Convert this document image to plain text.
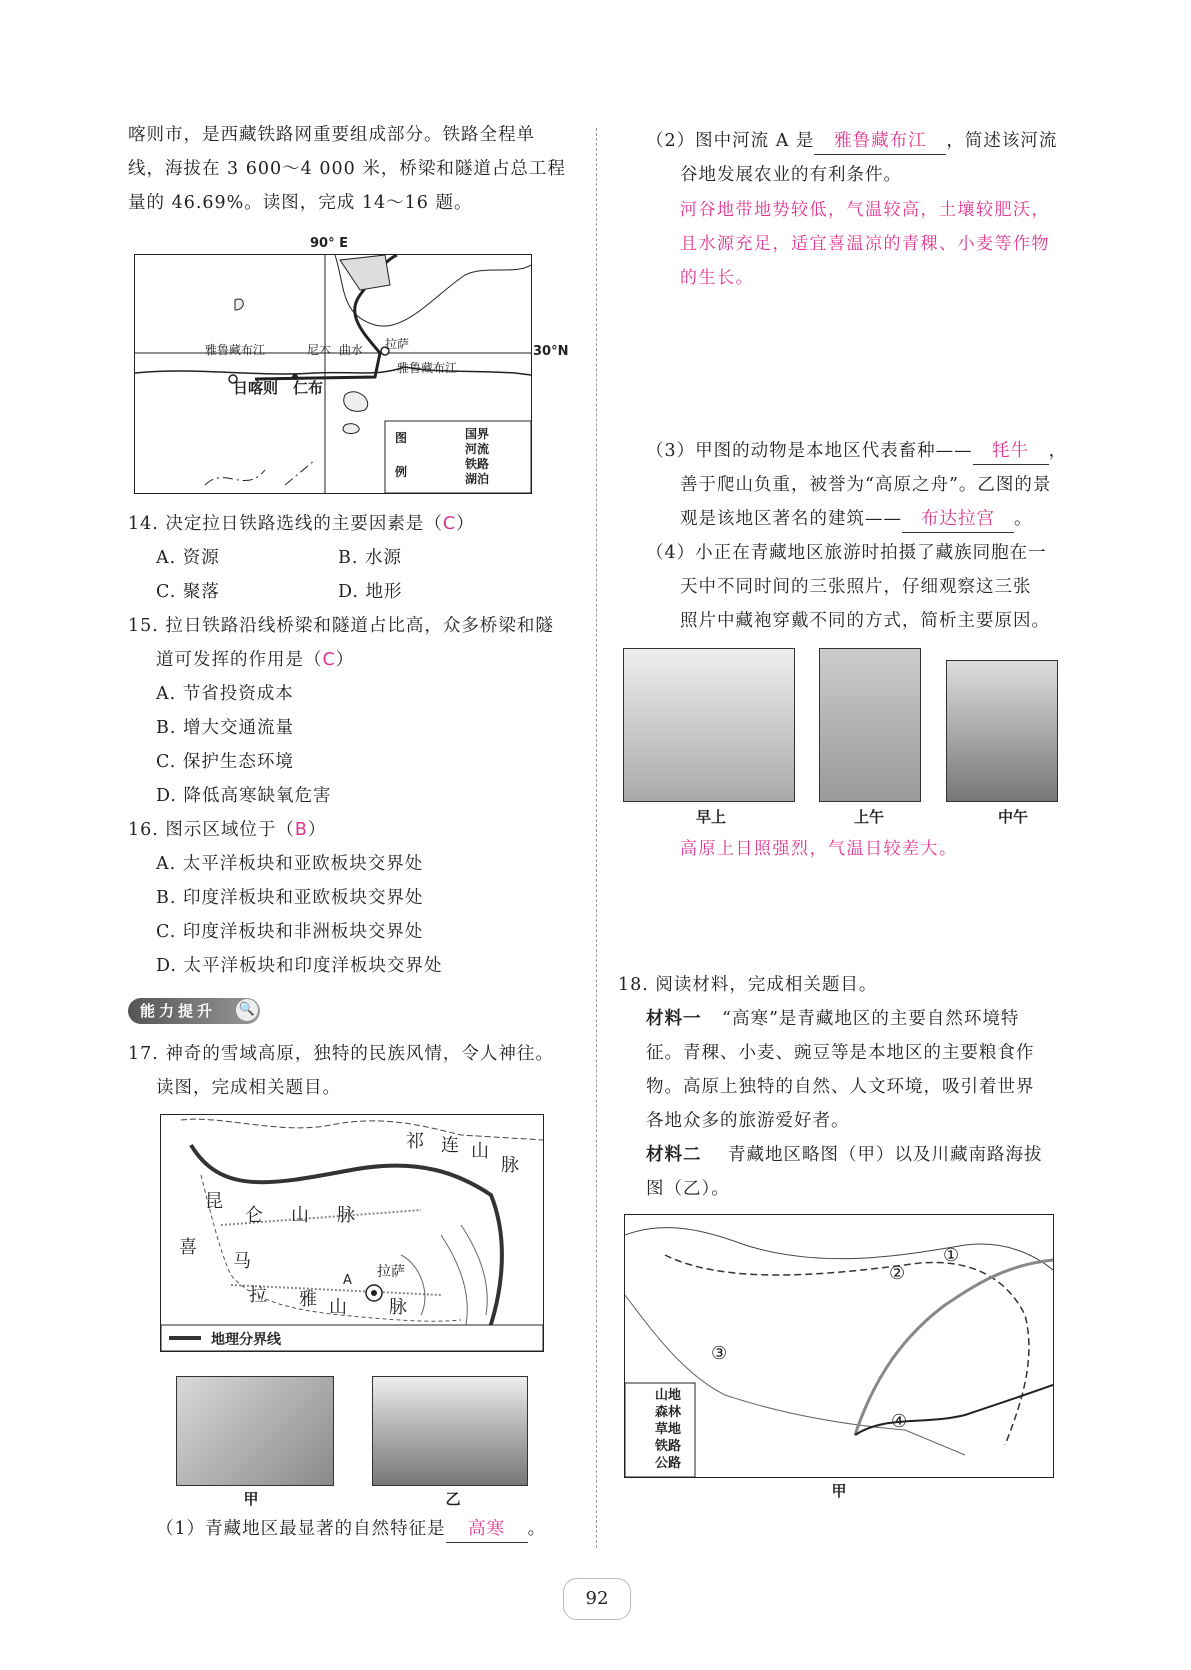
喀则市，是西藏铁路网重要组成部分。铁路全程单
线，海拔在 3 600～4 000 米，桥梁和隧道占总工程
量的 46.69%。读图，完成 14～16 题。
90° E
雅鲁藏布江	尼木 曲水 拉萨
日喀则 仁布
雅鲁藏布江
图
例
国界
河流
铁路
湖泊
30°N
14. 决定拉日铁路选线的主要因素是（C）
A. 资源	B. 水源
C. 聚落	D. 地形
15. 拉日铁路沿线桥梁和隧道占比高，众多桥梁和隧
道可发挥的作用是（C）
A. 节省投资成本
B. 增大交通流量
C. 保护生态环境
D. 降低高寒缺氧危害
16. 图示区域位于（B）
A. 太平洋板块和亚欧板块交界处
B. 印度洋板块和亚欧板块交界处
C. 印度洋板块和非洲板块交界处
D. 太平洋板块和印度洋板块交界处
能力提升 🔍
17. 神奇的雪域高原，独特的民族风情，令人神往。
读图，完成相关题目。
祁 连 山
脉
昆
仑 山 脉
喜
马
拉 雅 山 脉
A
拉萨
地理分界线
甲	乙
（1）青藏地区最显著的自然特征是 高寒 。
（2）图中河流 A 是 雅鲁藏布江 ，简述该河流
谷地发展农业的有利条件。
河谷地带地势较低，气温较高，土壤较肥沃，
且水源充足，适宜喜温凉的青稞、小麦等作物
的生长。
（3）甲图的动物是本地区代表畜种—— 牦牛 ，
善于爬山负重，被誉为“高原之舟”。乙图的景
观是该地区著名的建筑—— 布达拉宫 。
（4）小正在青藏地区旅游时拍摄了藏族同胞在一
天中不同时间的三张照片，仔细观察这三张
照片中藏袍穿戴不同的方式，简析主要原因。
早上	上午	中午
高原上日照强烈，气温日较差大。
18. 阅读材料，完成相关题目。
材料一 “高寒”是青藏地区的主要自然环境特
征。青稞、小麦、豌豆等是本地区的主要粮食作
物。高原上独特的自然、人文环境，吸引着世界
各地众多的旅游爱好者。
材料二 青藏地区略图（甲）以及川藏南路海拔
图（乙）。
①
②
③
④
山地
森林
草地
铁路
公路
甲
92
